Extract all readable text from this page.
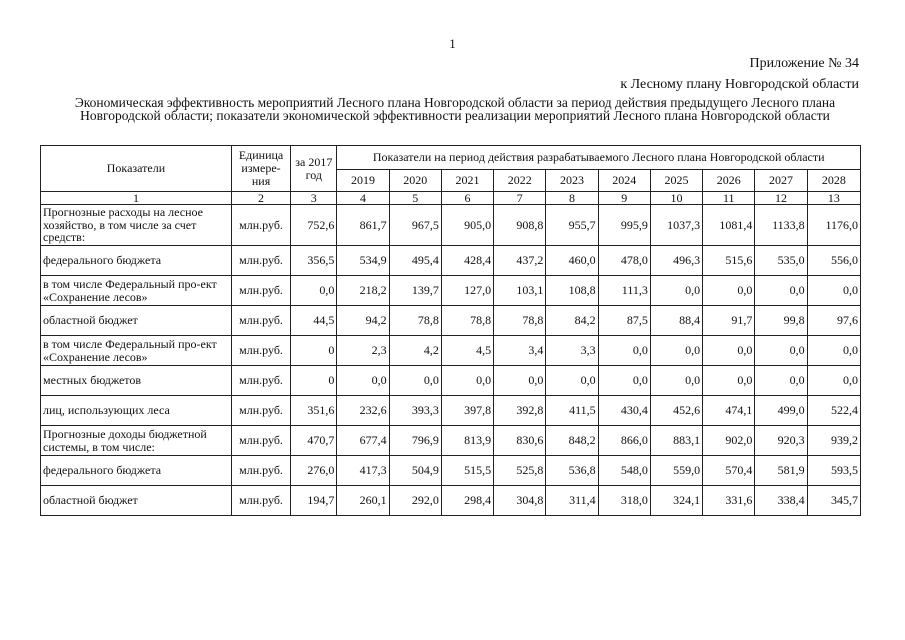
1
Приложение № 34
к Лесному плану Новгородской области
Экономическая эффективность мероприятий Лесного плана Новгородской области за период действия предыдущего Лесного плана Новгородской области; показатели экономической эффективности реализации мероприятий Лесного плана Новгородской области
Показатели	Единица измере-ния	за 2017 год	Показатели на период действия разрабатываемого Лесного плана Новгородской области									
			2019	2020	2021	2022	2023	2024	2025	2026	2027	2028
1	2	3	4	5	6	7	8	9	10	11	12	13
Прогнозные расходы на лесное хозяйство, в том числе за счет средств:	млн.руб.	752,6	861,7	967,5	905,0	908,8	955,7	995,9	1037,3	1081,4	1133,8	1176,0
федерального бюджета	млн.руб.	356,5	534,9	495,4	428,4	437,2	460,0	478,0	496,3	515,6	535,0	556,0
в том числе Федеральный про-ект «Сохранение лесов»	млн.руб.	0,0	218,2	139,7	127,0	103,1	108,8	111,3	0,0	0,0	0,0	0,0
областной бюджет	млн.руб.	44,5	94,2	78,8	78,8	78,8	84,2	87,5	88,4	91,7	99,8	97,6
в том числе Федеральный про-ект «Сохранение лесов»	млн.руб.	0	2,3	4,2	4,5	3,4	3,3	0,0	0,0	0,0	0,0	0,0
местных бюджетов	млн.руб.	0	0,0	0,0	0,0	0,0	0,0	0,0	0,0	0,0	0,0	0,0
лиц, использующих леса	млн.руб.	351,6	232,6	393,3	397,8	392,8	411,5	430,4	452,6	474,1	499,0	522,4
Прогнозные доходы бюджетной системы, в том числе:	млн.руб.	470,7	677,4	796,9	813,9	830,6	848,2	866,0	883,1	902,0	920,3	939,2
федерального бюджета	млн.руб.	276,0	417,3	504,9	515,5	525,8	536,8	548,0	559,0	570,4	581,9	593,5
областной бюджет	млн.руб.	194,7	260,1	292,0	298,4	304,8	311,4	318,0	324,1	331,6	338,4	345,7
